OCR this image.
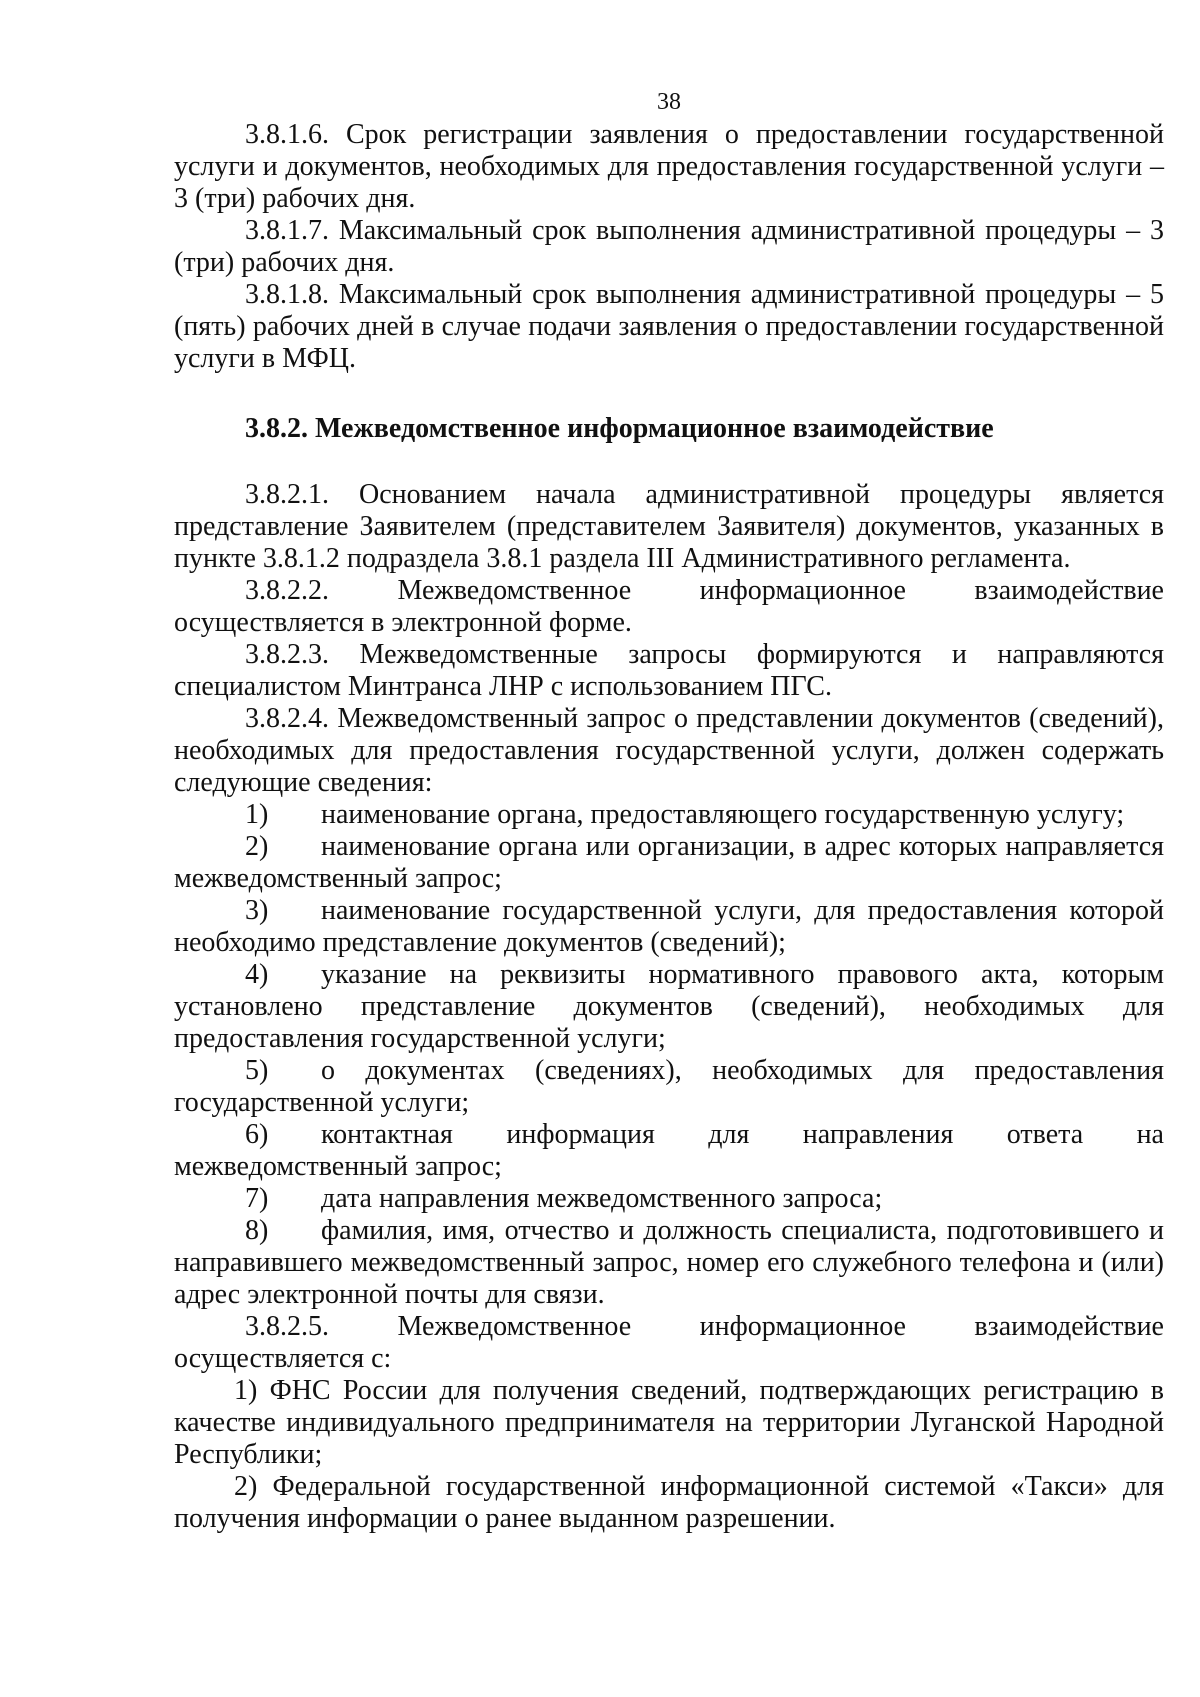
38

3.8.1.6. Срок регистрации заявления о предоставлении государственной услуги и документов, необходимых для предоставления государственной услуги – 3 (три) рабочих дня.

3.8.1.7. Максимальный срок выполнения административной процедуры – 3 (три) рабочих дня.

3.8.1.8. Максимальный срок выполнения административной процедуры – 5 (пять) рабочих дней в случае подачи заявления о предоставлении государственной услуги в МФЦ.

3.8.2. Межведомственное информационное взаимодействие

3.8.2.1. Основанием начала административной процедуры является представление Заявителем (представителем Заявителя) документов, указанных в пункте 3.8.1.2 подраздела 3.8.1 раздела III Административного регламента.

3.8.2.2. Межведомственное информационное взаимодействие осуществляется в электронной форме.

3.8.2.3. Межведомственные запросы формируются и направляются специалистом Минтранса ЛНР с использованием ПГС.

3.8.2.4. Межведомственный запрос о представлении документов (сведений), необходимых для предоставления государственной услуги, должен содержать следующие сведения:

1) наименование органа, предоставляющего государственную услугу;

2) наименование органа или организации, в адрес которых направляется межведомственный запрос;

3) наименование государственной услуги, для предоставления которой необходимо представление документов (сведений);

4) указание на реквизиты нормативного правового акта, которым установлено представление документов (сведений), необходимых для предоставления государственной услуги;

5) о документах (сведениях), необходимых для предоставления государственной услуги;

6) контактная информация для направления ответа на межведомственный запрос;

7) дата направления межведомственного запроса;

8) фамилия, имя, отчество и должность специалиста, подготовившего и направившего межведомственный запрос, номер его служебного телефона и (или) адрес электронной почты для связи.

3.8.2.5. Межведомственное информационное взаимодействие осуществляется с:

1) ФНС России для получения сведений, подтверждающих регистрацию в качестве индивидуального предпринимателя на территории Луганской Народной Республики;

2) Федеральной государственной информационной системой «Такси» для получения информации о ранее выданном разрешении.
